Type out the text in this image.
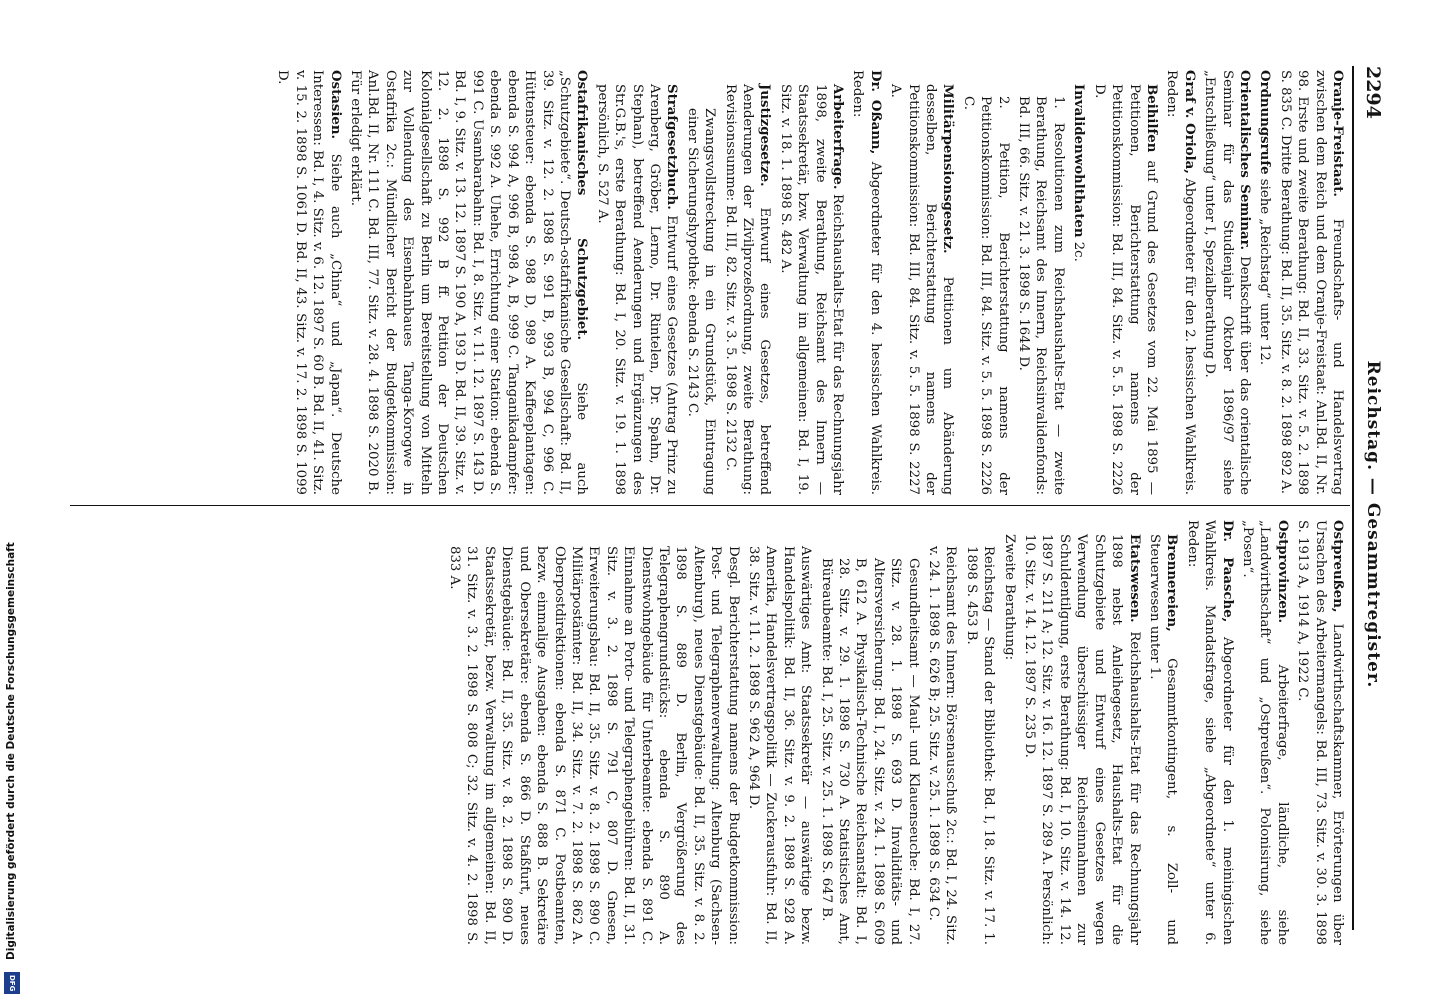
2294
Reichstag. — Gesammtregister.

Oranje-Freistaat. Freundschafts- und Handelsvertrag zwischen dem Reich und dem Oranje-Freistaat: Anl.Bd. II, Nr. 98. Erste und zweite Berathung: Bd. II, 33. Sitz. v. 5. 2. 1898 S. 835 C. Dritte Berathung: Bd. II, 35. Sitz. v. 8. 2. 1898 892 A.

Ordnungsrufe siehe „Reichstag“ unter 12.

Orientalisches Seminar. Denkschrift über das orientalische Seminar für das Studienjahr Oktober 1896/97 siehe „Entschließung“ unter I, Spezialberathung D.

Graf v. Oriola, Abgeordneter für den 2. hessischen Wahlkreis. Reden:

Beihilfen auf Grund des Gesetzes vom 22. Mai 1895 — Petitionen, Berichterstattung namens der Petitionskommission: Bd. III, 84. Sitz. v. 5. 5. 1898 S. 2226 D.

Invalidenwohlthaten 2c.

1. Resolutionen zum Reichshaushalts-Etat — zweite Berathung, Reichsamt des Innern, Reichsinvalidenfonds: Bd. III, 66. Sitz. v. 21. 3. 1898 S. 1644 D.

2. Petition, Berichterstattung namens der Petitionskommission: Bd. III, 84. Sitz. v. 5. 5. 1898 S. 2226 C.

Militärpensionsgesetz. Petitionen um Abänderung desselben, Berichterstattung namens der Petitionskommission: Bd. III, 84. Sitz. v. 5. 5. 1898 S. 2227 A.

Dr. Oßann, Abgeordneter für den 4. hessischen Wahlkreis. Reden:

Arbeiterfrage. Reichshaushalts-Etat für das Rechnungsjahr 1898, zweite Berathung, Reichsamt des Innern — Staatssekretär, bzw. Verwaltung im allgemeinen: Bd. I, 19. Sitz. v. 18. 1. 1898 S. 482 A.

Justizgesetze. Entwurf eines Gesetzes, betreffend Aenderungen der Zivilprozeßordnung, zweite Berathung: Revisionssumme: Bd. III, 82. Sitz. v. 3. 5. 1898 S. 2132 C.

Zwangsvollstreckung in ein Grundstück, Eintragung einer Sicherungshypothek: ebenda S. 2143 C.

Strafgesetzbuch. Entwurf eines Gesetzes (Antrag Prinz zu Arenberg, Gröber, Lerno, Dr. Rintelen, Dr. Spahn, Dr. Stephan), betreffend Aenderungen und Ergänzungen des Str.G.B.'s, erste Berathung: Bd. I, 20. Sitz. v. 19. 1. 1898 persönlich, S. 527 A.

Ostafrikanisches Schutzgebiet. Siehe auch „Schutzgebiete“. Deutsch-ostafrikanische Gesellschaft: Bd. II, 39. Sitz. v. 12. 2. 1898 S. 991 B, 993 B, 994 C, 996 C. Hüttensteuer: ebenda S. 988 D, 989 A. Kaffeeplantagen: ebenda S. 994 A, 996 B, 998 A, B, 999 C. Tanganikadampfer: ebenda S. 992 A. Uhehe, Errichtung einer Station: ebenda S. 991 C. Usambarabahn: Bd. I, 8. Sitz. v. 11. 12. 1897 S. 143 D. Bd. I, 9. Sitz. v. 13. 12. 1897 S. 190 A, 193 D. Bd. II, 39. Sitz. v. 12. 2. 1898 S. 992 B ff. Petition der Deutschen Kolonialgesellschaft zu Berlin um Bereitstellung von Mitteln zur Vollendung des Eisenbahnbaues Tanga-Korogwe in Ostafrika 2c.: Mündlicher Bericht der Budgetkommission: Anl.Bd. II, Nr. 111 C. Bd. III, 77. Sitz. v. 28. 4. 1898 S. 2020 B. Für erledigt erklärt.

Ostasien. Siehe auch „China“ und „Japan“. Deutsche Interessen: Bd. I, 4. Sitz. v. 6. 12. 1897 S. 60 B. Bd. II, 41. Sitz. v. 15. 2. 1898 S. 1061 D. Bd. II, 43. Sitz. v. 17. 2. 1898 S. 1099 D.

Ostpreußen, Landwirthschaftskammer, Erörterungen über Ursachen des Arbeitermangels: Bd. III, 73. Sitz. v. 30. 3. 1898 S. 1913 A, 1914 A, 1922 C.

Ostprovinzen. Arbeiterfrage, ländliche, siehe „Landwirthschaft“ und „Ostpreußen“. Polonisirung, siehe „Posen“.

Dr. Paasche, Abgeordneter für den 1. meiningischen Wahlkreis. Mandatsfrage, siehe „Abgeordnete“ unter 6. Reden:

Brennereien, Gesammtkontingent, s. Zoll- und Steuerwesen unter 1.

Etatswesen. Reichshaushalts-Etat für das Rechnungsjahr 1898 nebst Anleihegesetz, Haushalts-Etat für die Schutzgebiete und Entwurf eines Gesetzes wegen Verwendung überschüssiger Reichseinnahmen zur Schuldentilgung, erste Berathung: Bd. I, 10. Sitz. v. 14. 12. 1897 S. 211 A; 12. Sitz. v. 16. 12. 1897 S. 289 A. Persönlich: 10. Sitz. v. 14. 12. 1897 S. 235 D.

Zweite Berathung:

Reichstag — Stand der Bibliothek: Bd. I, 18. Sitz. v. 17. 1. 1898 S. 453 B.

Reichsamt des Innern: Börsenausschuß 2c.: Bd. I, 24. Sitz. v. 24. 1. 1898 S. 626 B; 25. Sitz. v. 25. 1. 1898 S. 634 C.

Gesundheitsamt — Maul- und Klauenseuche: Bd. I, 27. Sitz. v. 28. 1. 1898 S. 693 D. Invaliditäts- und Altersversicherung: Bd. I, 24. Sitz. v. 24. 1. 1898 S. 609 B, 612 A. Physikalisch-Technische Reichsanstalt: Bd. I, 28. Sitz. v. 29. 1. 1898 S. 730 A. Statistisches Amt, Büreaubeamte: Bd. I, 25. Sitz. v. 25. 1. 1898 S. 647 B.

Auswärtiges Amt: Staatssekretär — auswärtige bezw. Handelspolitik: Bd. II, 36. Sitz. v. 9. 2. 1898 S. 928 A. Amerika, Handelsvertragspolitik — Zuckerausfuhr: Bd. II, 38. Sitz. v. 11. 2. 1898 S. 962 A, 964 D.

Desgl. Berichterstattung namens der Budgetkommission: Post- und Telegraphenverwaltung: Altenburg (Sachsen-Altenburg), neues Dienstgebäude: Bd. II, 35. Sitz. v. 8. 2. 1898 S. 889 D. Berlin, Vergrößerung des Telegraphengrundstücks: ebenda S. 890 A. Dienstwohngebäude für Unterbeamte: ebenda S. 891 C. Einnahme an Porto- und Telegraphengebühren: Bd. II, 31. Sitz. v. 3. 2. 1898 S. 791 C, 807 D. Gnesen, Erweiterungsbau: Bd. II, 35. Sitz. v. 8. 2. 1898 S. 890 C. Militärpostämter: Bd. II, 34. Sitz. v. 7. 2. 1898 S. 862 A. Oberpostdirektionen: ebenda S. 871 C. Postbeamten, bezw. einmalige Ausgaben: ebenda S. 888 B. Sekretäre und Obersekretäre: ebenda S. 866 D. Staßfurt, neues Dienstgebäude: Bd. II, 35. Sitz. v. 8. 2. 1898 S. 890 D. Staatssekretär, bezw. Verwaltung im allgemeinen: Bd. II, 31. Sitz. v. 3. 2. 1898 S. 808 C; 32. Sitz. v. 4. 2. 1898 S. 833 A.

Digitalisierung gefördert durch die Deutsche Forschungsgemeinschaft
DFG
